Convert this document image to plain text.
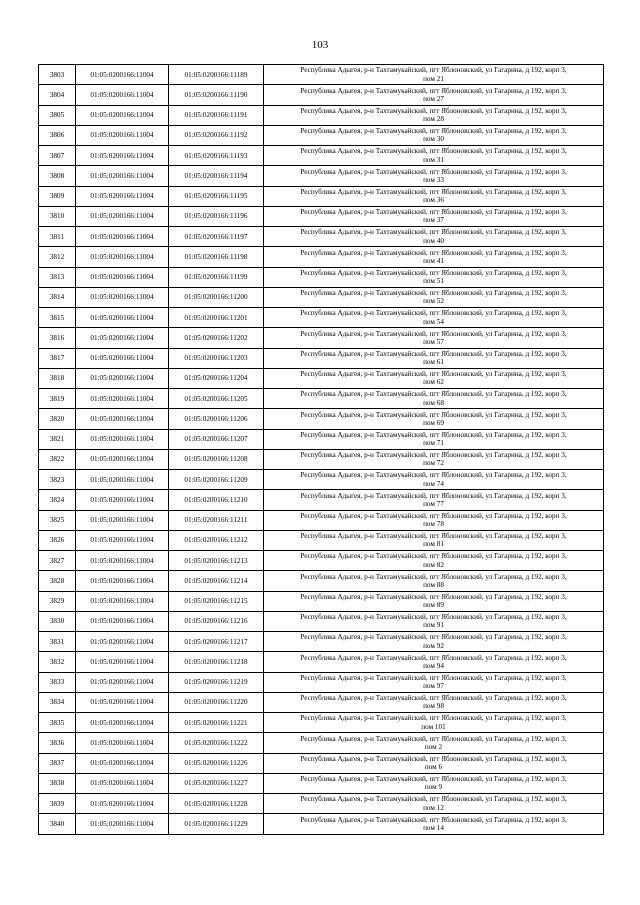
103
3803	01:05:0200166:11004	01:05:0200166:11189	Республика Адыгея, р-н Тахтамукайский, пгт Яблоновский, ул Гагарина, д 192, корп 3,
пом 21

3804	01:05:0200166:11004	01:05:0200166:11190	Республика Адыгея, р-н Тахтамукайский, пгт Яблоновский, ул Гагарина, д 192, корп 3,
пом 27

3805	01:05:0200166:11004	01:05:0200166:11191	Республика Адыгея, р-н Тахтамукайский, пгт Яблоновский, ул Гагарина, д 192, корп 3,
пом 28

3806	01:05:0200166:11004	01:05:0200166:11192	Республика Адыгея, р-н Тахтамукайский, пгт Яблоновский, ул Гагарина, д 192, корп 3,
пом 30

3807	01:05:0200166:11004	01:05:0200166:11193	Республика Адыгея, р-н Тахтамукайский, пгт Яблоновский, ул Гагарина, д 192, корп 3,
пом 31

3808	01:05:0200166:11004	01:05:0200166:11194	Республика Адыгея, р-н Тахтамукайский, пгт Яблоновский, ул Гагарина, д 192, корп 3,
пом 33

3809	01:05:0200166:11004	01:05:0200166:11195	Республика Адыгея, р-н Тахтамукайский, пгт Яблоновский, ул Гагарина, д 192, корп 3,
пом 36

3810	01:05:0200166:11004	01:05:0200166:11196	Республика Адыгея, р-н Тахтамукайский, пгт Яблоновский, ул Гагарина, д 192, корп 3,
пом 37

3811	01:05:0200166:11004	01:05:0200166:11197	Республика Адыгея, р-н Тахтамукайский, пгт Яблоновский, ул Гагарина, д 192, корп 3,
пом 40

3812	01:05:0200166:11004	01:05:0200166:11198	Республика Адыгея, р-н Тахтамукайский, пгт Яблоновский, ул Гагарина, д 192, корп 3,
пом 41

3813	01:05:0200166:11004	01:05:0200166:11199	Республика Адыгея, р-н Тахтамукайский, пгт Яблоновский, ул Гагарина, д 192, корп 3,
пом 51

3814	01:05:0200166:11004	01:05:0200166:11200	Республика Адыгея, р-н Тахтамукайский, пгт Яблоновский, ул Гагарина, д 192, корп 3,
пом 52

3815	01:05:0200166:11004	01:05:0200166:11201	Республика Адыгея, р-н Тахтамукайский, пгт Яблоновский, ул Гагарина, д 192, корп 3,
пом 54

3816	01:05:0200166:11004	01:05:0200166:11202	Республика Адыгея, р-н Тахтамукайский, пгт Яблоновский, ул Гагарина, д 192, корп 3,
пом 57

3817	01:05:0200166:11004	01:05:0200166:11203	Республика Адыгея, р-н Тахтамукайский, пгт Яблоновский, ул Гагарина, д 192, корп 3,
пом 61

3818	01:05:0200166:11004	01:05:0200166:11204	Республика Адыгея, р-н Тахтамукайский, пгт Яблоновский, ул Гагарина, д 192, корп 3,
пом 62

3819	01:05:0200166:11004	01:05:0200166:11205	Республика Адыгея, р-н Тахтамукайский, пгт Яблоновский, ул Гагарина, д 192, корп 3,
пом 68

3820	01:05:0200166:11004	01:05:0200166:11206	Республика Адыгея, р-н Тахтамукайский, пгт Яблоновский, ул Гагарина, д 192, корп 3,
пом 69

3821	01:05:0200166:11004	01:05:0200166:11207	Республика Адыгея, р-н Тахтамукайский, пгт Яблоновский, ул Гагарина, д 192, корп 3,
пом 71

3822	01:05:0200166:11004	01:05:0200166:11208	Республика Адыгея, р-н Тахтамукайский, пгт Яблоновский, ул Гагарина, д 192, корп 3,
пом 72

3823	01:05:0200166:11004	01:05:0200166:11209	Республика Адыгея, р-н Тахтамукайский, пгт Яблоновский, ул Гагарина, д 192, корп 3,
пом 74

3824	01:05:0200166:11004	01:05:0200166:11210	Республика Адыгея, р-н Тахтамукайский, пгт Яблоновский, ул Гагарина, д 192, корп 3,
пом 77

3825	01:05:0200166:11004	01:05:0200166:11211	Республика Адыгея, р-н Тахтамукайский, пгт Яблоновский, ул Гагарина, д 192, корп 3,
пом 78

3826	01:05:0200166:11004	01:05:0200166:11212	Республика Адыгея, р-н Тахтамукайский, пгт Яблоновский, ул Гагарина, д 192, корп 3,
пом 81

3827	01:05:0200166:11004	01:05:0200166:11213	Республика Адыгея, р-н Тахтамукайский, пгт Яблоновский, ул Гагарина, д 192, корп 3,
пом 82

3828	01:05:0200166:11004	01:05:0200166:11214	Республика Адыгея, р-н Тахтамукайский, пгт Яблоновский, ул Гагарина, д 192, корп 3,
пом 88

3829	01:05:0200166:11004	01:05:0200166:11215	Республика Адыгея, р-н Тахтамукайский, пгт Яблоновский, ул Гагарина, д 192, корп 3,
пом 89

3830	01:05:0200166:11004	01:05:0200166:11216	Республика Адыгея, р-н Тахтамукайский, пгт Яблоновский, ул Гагарина, д 192, корп 3,
пом 91

3831	01:05:0200166:11004	01:05:0200166:11217	Республика Адыгея, р-н Тахтамукайский, пгт Яблоновский, ул Гагарина, д 192, корп 3,
пом 92

3832	01:05:0200166:11004	01:05:0200166:11218	Республика Адыгея, р-н Тахтамукайский, пгт Яблоновский, ул Гагарина, д 192, корп 3,
пом 94

3833	01:05:0200166:11004	01:05:0200166:11219	Республика Адыгея, р-н Тахтамукайский, пгт Яблоновский, ул Гагарина, д 192, корп 3,
пом 97

3834	01:05:0200166:11004	01:05:0200166:11220	Республика Адыгея, р-н Тахтамукайский, пгт Яблоновский, ул Гагарина, д 192, корп 3,
пом 98

3835	01:05:0200166:11004	01:05:0200166:11221	Республика Адыгея, р-н Тахтамукайский, пгт Яблоновский, ул Гагарина, д 192, корп 3,
пом 101

3836	01:05:0200166:11004	01:05:0200166:11222	Республика Адыгея, р-н Тахтамукайский, пгт Яблоновский, ул Гагарина, д 192, корп 3,
пом 2

3837	01:05:0200166:11004	01:05:0200166:11226	Республика Адыгея, р-н Тахтамукайский, пгт Яблоновский, ул Гагарина, д 192, корп 3,
пом 6

3838	01:05:0200166:11004	01:05:0200166:11227	Республика Адыгея, р-н Тахтамукайский, пгт Яблоновский, ул Гагарина, д 192, корп 3,
пом 9

3839	01:05:0200166:11004	01:05:0200166:11228	Республика Адыгея, р-н Тахтамукайский, пгт Яблоновский, ул Гагарина, д 192, корп 3,
пом 12

3840	01:05:0200166:11004	01:05:0200166:11229	Республика Адыгея, р-н Тахтамукайский, пгт Яблоновский, ул Гагарина, д 192, корп 3,
пом 14
